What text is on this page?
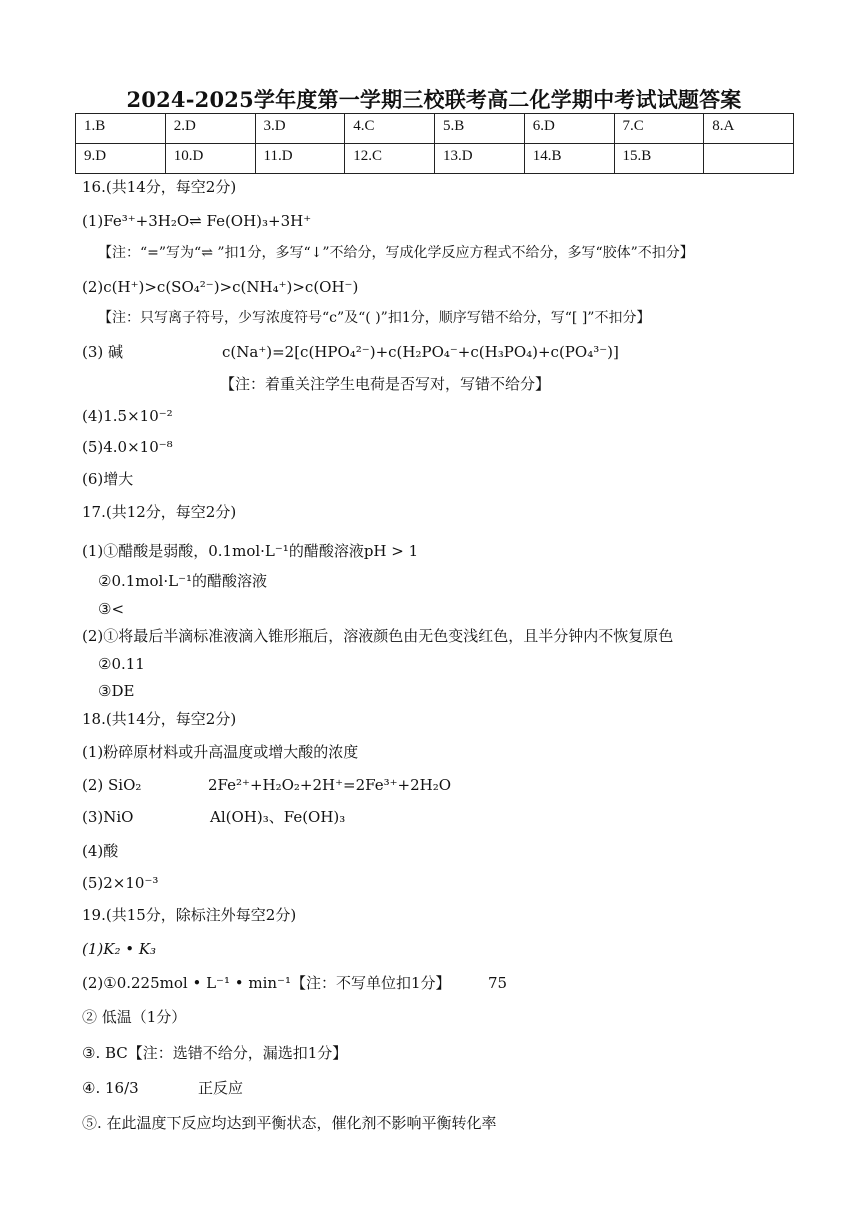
2024-2025学年度第一学期三校联考高二化学期中考试试题答案
1.B	2.D	3.D	4.C	5.B	6.D	7.C	8.A
9.D	10.D	11.D	12.C	13.D	14.B	15.B	
16.(共14分，每空2分)
(1)Fe³⁺+3H₂O⇌ Fe(OH)₃+3H⁺
【注：“=”写为“⇌ ”扣1分，多写“↓”不给分，写成化学反应方程式不给分，多写“胶体”不扣分】
(2)c(H⁺)>c(SO₄²⁻)>c(NH₄⁺)>c(OH⁻)
【注：只写离子符号，少写浓度符号“c”及“( )”扣1分，顺序写错不给分，写“[ ]”不扣分】
(3) 碱	c(Na⁺)=2[c(HPO₄²⁻)+c(H₂PO₄⁻+c(H₃PO₄)+c(PO₄³⁻)]
【注：着重关注学生电荷是否写对，写错不给分】
(4)1.5×10⁻²
(5)4.0×10⁻⁸
(6)增大
17.(共12分，每空2分)
(1)①醋酸是弱酸，0.1mol·L⁻¹的醋酸溶液pH > 1
②0.1mol·L⁻¹的醋酸溶液
③<
(2)①将最后半滴标准液滴入锥形瓶后，溶液颜色由无色变浅红色，且半分钟内不恢复原色
②0.11
③DE
18.(共14分，每空2分)
(1)粉碎原材料或升高温度或增大酸的浓度
(2) SiO₂	2Fe²⁺+H₂O₂+2H⁺=2Fe³⁺+2H₂O
(3)NiO	Al(OH)₃、Fe(OH)₃
(4)酸
(5)2×10⁻³
19.(共15分，除标注外每空2分)
(1)K₂ • K₃
(2)①0.225mol • L⁻¹ • min⁻¹【注：不写单位扣1分】 75
② 低温（1分）
③. BC【注：选错不给分，漏选扣1分】
④. 16/3	正反应
⑤. 在此温度下反应均达到平衡状态，催化剂不影响平衡转化率
